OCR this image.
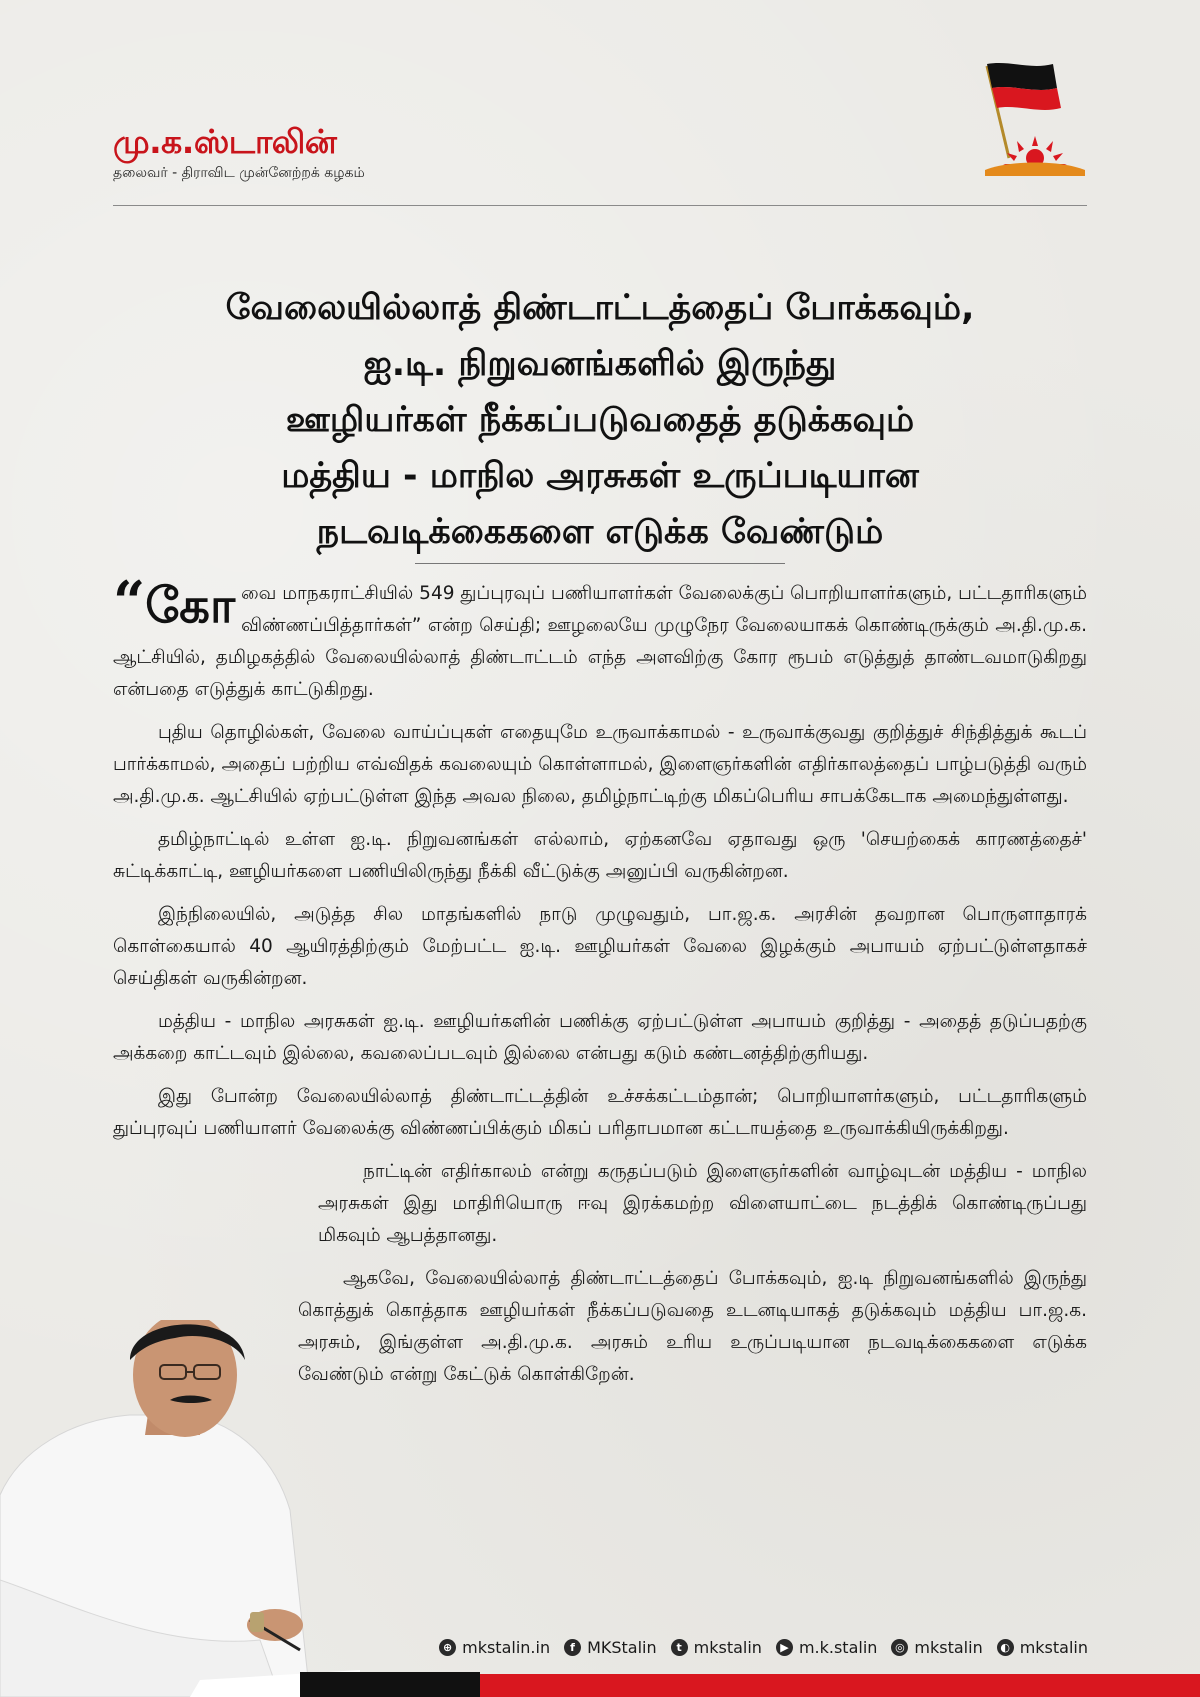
மு.க.ஸ்டாலின்
தலைவர் - திராவிட முன்னேற்றக் கழகம்
வேலையில்லாத் திண்டாட்டத்தைப் போக்கவும்,
ஐ.டி. நிறுவனங்களில் இருந்து
ஊழியர்கள் நீக்கப்படுவதைத் தடுக்கவும்
மத்திய - மாநில அரசுகள் உருப்படியான
நடவடிக்கைகளை எடுக்க வேண்டும்

“ கோ வை மாநகராட்சியில் 549 துப்புரவுப் பணியாளர்கள் வேலைக்குப் பொறியாளர்களும், பட்டதாரிகளும் விண்ணப்பித்தார்கள்” என்ற செய்தி; ஊழலையே முழுநேர வேலையாகக் கொண்டிருக்கும் அ.தி.மு.க. ஆட்சியில், தமிழகத்தில் வேலையில்லாத் திண்டாட்டம் எந்த அளவிற்கு கோர ரூபம் எடுத்துத் தாண்டவமாடுகிறது என்பதை எடுத்துக் காட்டுகிறது.

புதிய தொழில்கள், வேலை வாய்ப்புகள் எதையுமே உருவாக்காமல் - உருவாக்குவது குறித்துச் சிந்தித்துக் கூடப் பார்க்காமல், அதைப் பற்றிய எவ்விதக் கவலையும் கொள்ளாமல், இளைஞர்களின் எதிர்காலத்தைப் பாழ்படுத்தி வரும் அ.தி.மு.க. ஆட்சியில் ஏற்பட்டுள்ள இந்த அவல நிலை, தமிழ்நாட்டிற்கு மிகப்பெரிய சாபக்கேடாக அமைந்துள்ளது.

தமிழ்நாட்டில் உள்ள ஐ.டி. நிறுவனங்கள் எல்லாம், ஏற்கனவே ஏதாவது ஒரு 'செயற்கைக் காரணத்தைச்' சுட்டிக்காட்டி, ஊழியர்களை பணியிலிருந்து நீக்கி வீட்டுக்கு அனுப்பி வருகின்றன.

இந்நிலையில், அடுத்த சில மாதங்களில் நாடு முழுவதும், பா.ஜ.க. அரசின் தவறான பொருளாதாரக் கொள்கையால் 40 ஆயிரத்திற்கும் மேற்பட்ட ஐ.டி. ஊழியர்கள் வேலை இழக்கும் அபாயம் ஏற்பட்டுள்ளதாகச் செய்திகள் வருகின்றன.

மத்திய - மாநில அரசுகள் ஐ.டி. ஊழியர்களின் பணிக்கு ஏற்பட்டுள்ள அபாயம் குறித்து - அதைத் தடுப்பதற்கு அக்கறை காட்டவும் இல்லை, கவலைப்படவும் இல்லை என்பது கடும் கண்டனத்திற்குரியது.

இது போன்ற வேலையில்லாத் திண்டாட்டத்தின் உச்சக்கட்டம்தான்; பொறியாளர்களும், பட்டதாரிகளும் துப்புரவுப் பணியாளர் வேலைக்கு விண்ணப்பிக்கும் மிகப் பரிதாபமான கட்டாயத்தை உருவாக்கியிருக்கிறது.

நாட்டின் எதிர்காலம் என்று கருதப்படும் இளைஞர்களின் வாழ்வுடன் மத்திய - மாநில அரசுகள் இது மாதிரியொரு ஈவு இரக்கமற்ற விளையாட்டை நடத்திக் கொண்டிருப்பது மிகவும் ஆபத்தானது.

ஆகவே, வேலையில்லாத் திண்டாட்டத்தைப் போக்கவும், ஐ.டி நிறுவனங்களில் இருந்து கொத்துக் கொத்தாக ஊழியர்கள் நீக்கப்படுவதை உடனடியாகத் தடுக்கவும் மத்திய பா.ஜ.க. அரசும், இங்குள்ள அ.தி.மு.க. அரசும் உரிய உருப்படியான நடவடிக்கைகளை எடுக்க வேண்டும் என்று கேட்டுக் கொள்கிறேன்.

⊕ mkstalin.in	f MKStalin	t mkstalin	▶ m.k.stalin	◎ mkstalin	◐ mkstalin
